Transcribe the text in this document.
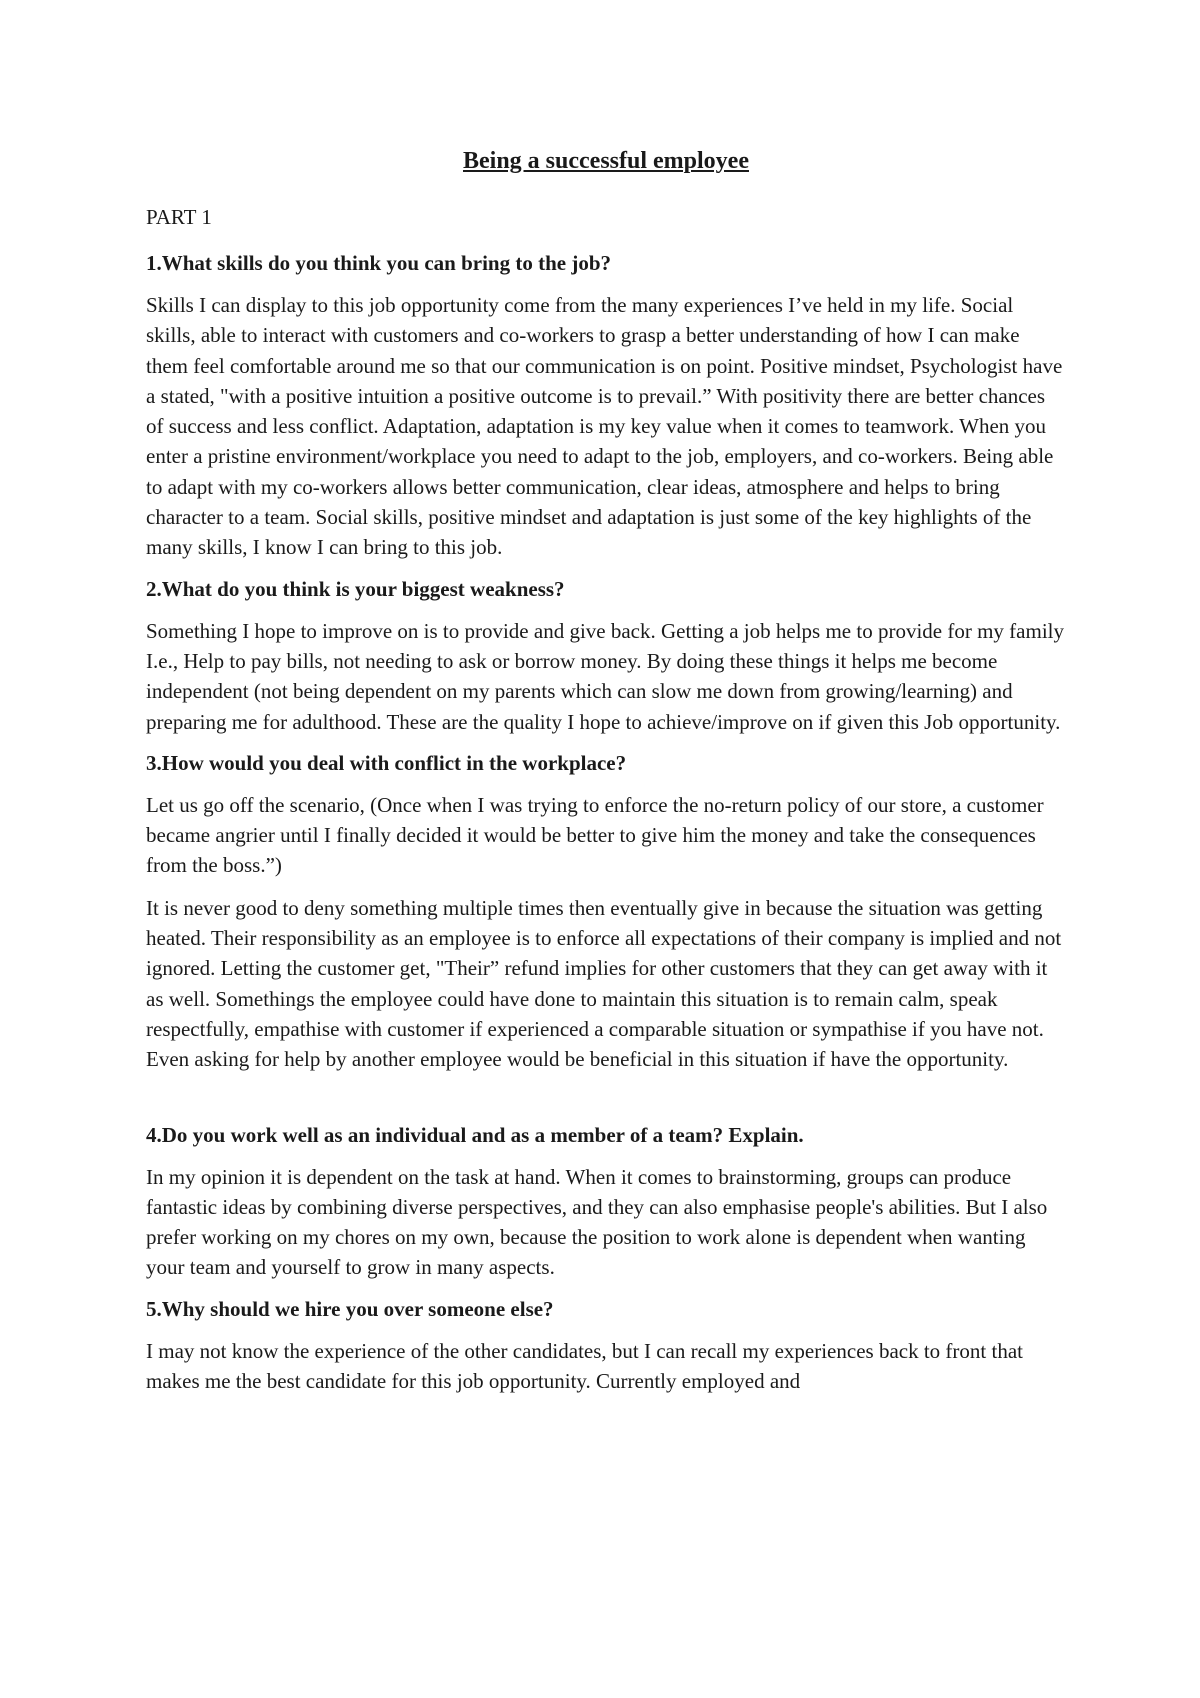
Being a successful employee
PART 1
1.What skills do you think you can bring to the job?
Skills I can display to this job opportunity come from the many experiences I’ve held in my life. Social skills, able to interact with customers and co-workers to grasp a better understanding of how I can make them feel comfortable around me so that our communication is on point. Positive mindset, Psychologist have a stated, "with a positive intuition a positive outcome is to prevail.” With positivity there are better chances of success and less conflict. Adaptation, adaptation is my key value when it comes to teamwork. When you enter a pristine environment/workplace you need to adapt to the job, employers, and co-workers. Being able to adapt with my co-workers allows better communication, clear ideas, atmosphere and helps to bring character to a team. Social skills, positive mindset and adaptation is just some of the key highlights of the many skills, I know I can bring to this job.
2.What do you think is your biggest weakness?
Something I hope to improve on is to provide and give back. Getting a job helps me to provide for my family I.e., Help to pay bills, not needing to ask or borrow money. By doing these things it helps me become independent (not being dependent on my parents which can slow me down from growing/learning) and preparing me for adulthood. These are the quality I hope to achieve/improve on if given this Job opportunity.
3.How would you deal with conflict in the workplace?
Let us go off the scenario, (Once when I was trying to enforce the no-return policy of our store, a customer became angrier until I finally decided it would be better to give him the money and take the consequences from the boss.”)
It is never good to deny something multiple times then eventually give in because the situation was getting heated. Their responsibility as an employee is to enforce all expectations of their company is implied and not ignored. Letting the customer get, "Their” refund implies for other customers that they can get away with it as well. Somethings the employee could have done to maintain this situation is to remain calm, speak respectfully, empathise with customer if experienced a comparable situation or sympathise if you have not. Even asking for help by another employee would be beneficial in this situation if have the opportunity.
4.Do you work well as an individual and as a member of a team? Explain.
In my opinion it is dependent on the task at hand. When it comes to brainstorming, groups can produce fantastic ideas by combining diverse perspectives, and they can also emphasise people's abilities. But I also prefer working on my chores on my own, because the position to work alone is dependent when wanting your team and yourself to grow in many aspects.
5.Why should we hire you over someone else?
I may not know the experience of the other candidates, but I can recall my experiences back to front that makes me the best candidate for this job opportunity. Currently employed and
